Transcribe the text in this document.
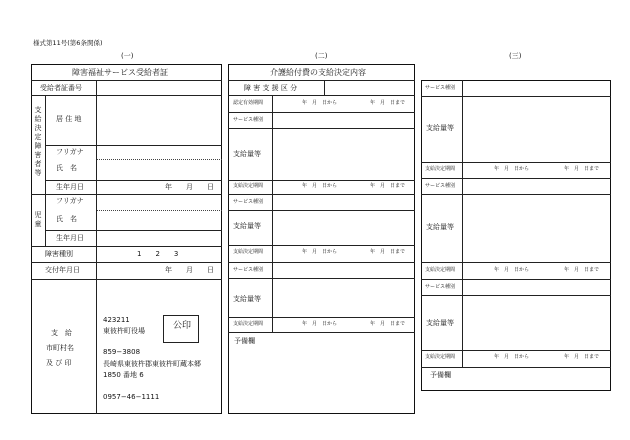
様式第11号(第6条関係)
(一)	(二)	(三)
障害福祉サービス受給者証
受給者証番号
支給決定障害者等
居 住 地
フリガナ
氏　名
生年月日	年　　月　　日
児童
フリガナ
氏　名
生年月日
障害種別	1　　2　　3
交付年月日	年　　月　　日
支　給
市町村名
及 び 印
423211
東彼杵町役場	公印
859−3808
長崎県東彼杵郡東彼杵町蔵本郷
1850 番地 6
0957−46−1111
介護給付費の支給決定内容
障 害 支 援 区 分
認定有効期間	年　月　日から	年　月　日まで
サービス種別
支給量等
支給決定期間	年　月　日から	年　月　日まで
サービス種別
支給量等
支給決定期間	年　月　日から	年　月　日まで
サービス種別
支給量等
支給決定期間	年　月　日から	年　月　日まで
予備欄
サービス種別
支給量等
支給決定期間	年　月　日から	年　月　日まで
サービス種別
支給量等
支給決定期間	年　月　日から	年　月　日まで
サービス種別
支給量等
支給決定期間	年　月　日から	年　月　日まで
予備欄
